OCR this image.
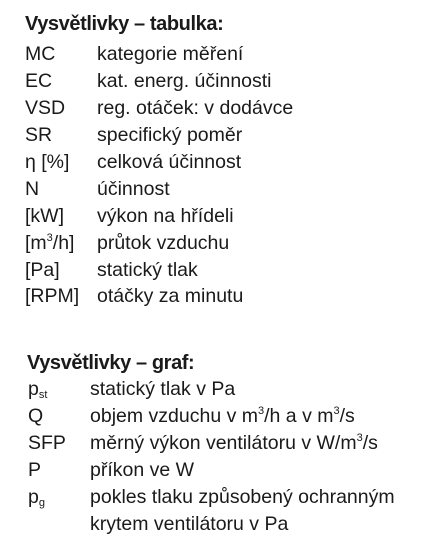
Vysvětlivky – tabulka:
MC kategorie měření
EC kat. energ. účinnosti
VSD reg. otáček: v dodávce
SR specifický poměr
η [%] celková účinnost
N	účinnost
[kW] výkon na hřídeli
$[m^3/h]$ průtok vzduchu
[Pa] statický tlak
[RPM] otáčky za minutu
Vysvětlivky – graf:
$p_{st}$ statický tlak v Pa
Q objem vzduchu v $m^3/h$ a v $m^3/s$
SFP měrný výkon ventilátoru v $W/m^3/s$
P	příkon ve W
$p_g$ pokles tlaku způsobený ochranným
krytem ventilátoru v Pa
